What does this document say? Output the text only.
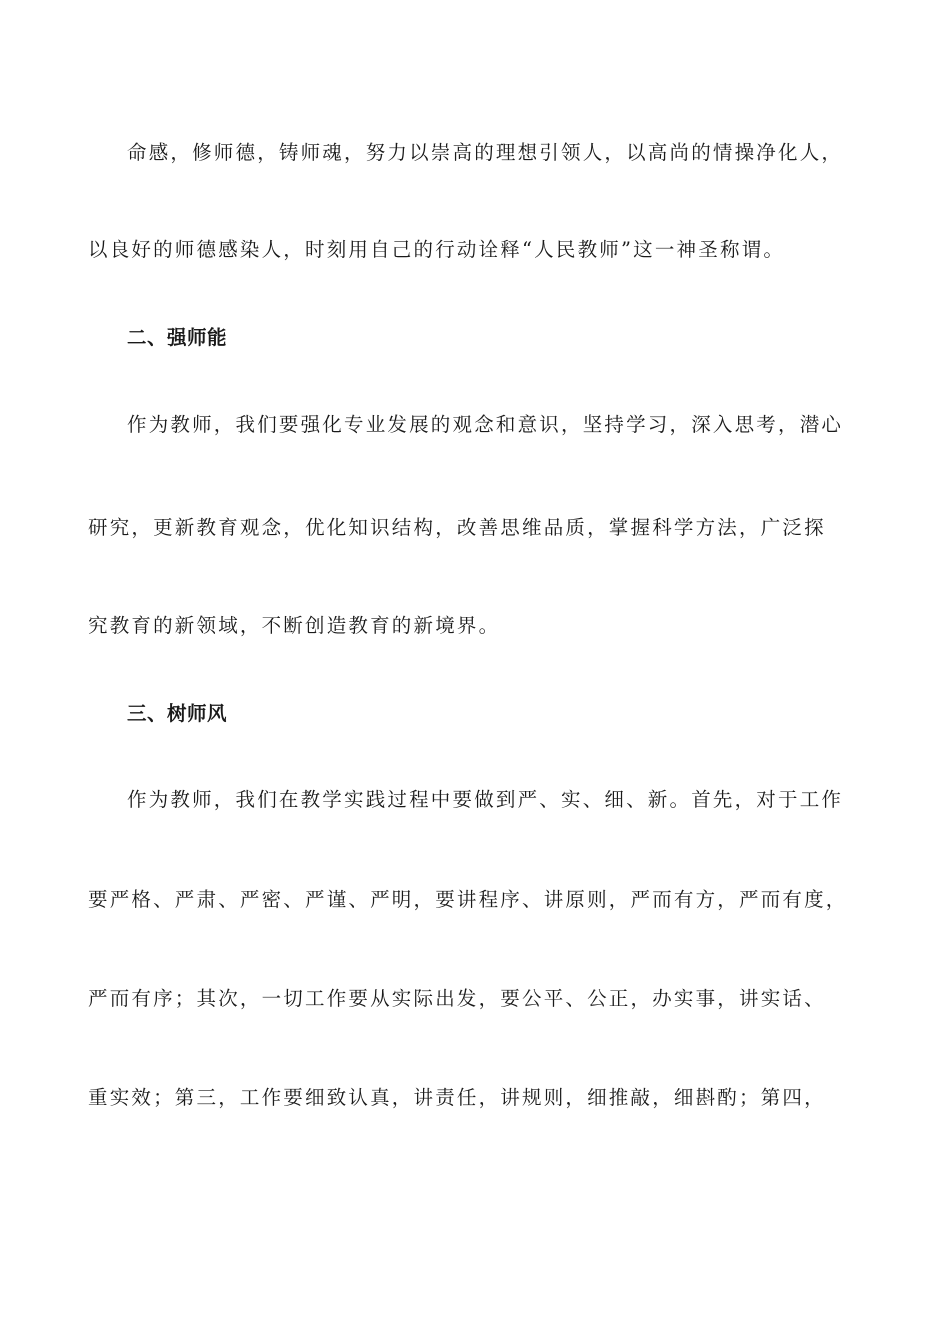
命感，修师德，铸师魂，努力以崇高的理想引领人，以高尚的情操净化人，
以良好的师德感染人，时刻用自己的行动诠释“人民教师”这一神圣称谓。
二、强师能
作为教师，我们要强化专业发展的观念和意识，坚持学习，深入思考，潜心
研究，更新教育观念，优化知识结构，改善思维品质，掌握科学方法，广泛探
究教育的新领域，不断创造教育的新境界。
三、树师风
作为教师，我们在教学实践过程中要做到严、实、细、新。首先，对于工作
要严格、严肃、严密、严谨、严明，要讲程序、讲原则，严而有方，严而有度，
严而有序；其次，一切工作要从实际出发，要公平、公正，办实事，讲实话、
重实效；第三，工作要细致认真，讲责任，讲规则，细推敲，细斟酌；第四，
